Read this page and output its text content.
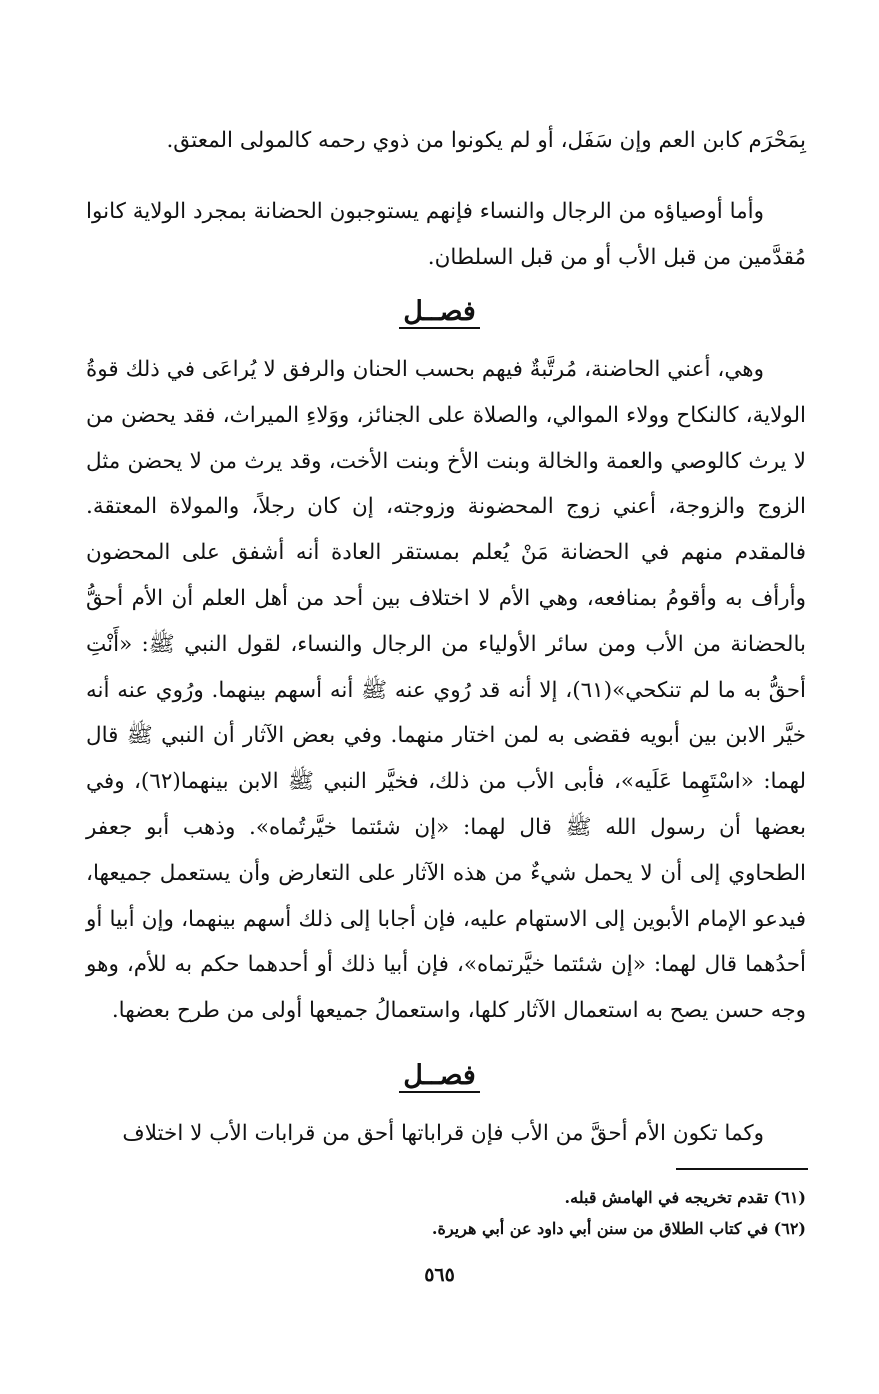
بِمَحْرَم كابن العم وإن سَفَل، أو لم يكونوا من ذوي رحمه كالمولى المعتق.

وأما أوصياؤه من الرجال والنساء فإنهم يستوجبون الحضانة بمجرد الولاية كانوا مُقدَّمين من قبل الأب أو من قبل السلطان.

فصــل

وهي، أعني الحاضنة، مُرتَّبةٌ فيهم بحسب الحنان والرفق لا يُراعَى في ذلك قوةُ الولاية، كالنكاح وولاء الموالي، والصلاة على الجنائز، ووَلاءِ الميراث، فقد يحضن من لا يرث كالوصي والعمة والخالة وبنت الأخ وبنت الأخت، وقد يرث من لا يحضن مثل الزوج والزوجة، أعني زوج المحضونة وزوجته، إن كان رجلاً، والمولاة المعتقة. فالمقدم منهم في الحضانة مَنْ يُعلم بمستقر العادة أنه أشفق على المحضون وأرأف به وأقومُ بمنافعه، وهي الأم لا اختلاف بين أحد من أهل العلم أن الأم أحقُّ بالحضانة من الأب ومن سائر الأولياء من الرجال والنساء، لقول النبي ﷺ: «أَنْتِ أحقُّ به ما لم تنكحي»(٦١)، إلا أنه قد رُوي عنه ﷺ أنه أسهم بينهما. ورُوي عنه أنه خيَّر الابن بين أبويه فقضى به لمن اختار منهما. وفي بعض الآثار أن النبي ﷺ قال لهما: «اسْتَهِما عَلَيه»، فأبى الأب من ذلك، فخيَّر النبي ﷺ الابن بينهما(٦٢)، وفي بعضها أن رسول الله ﷺ قال لهما: «إن شئتما خيَّرتُماه». وذهب أبو جعفر الطحاوي إلى أن لا يحمل شيءٌ من هذه الآثار على التعارض وأن يستعمل جميعها، فيدعو الإمام الأبوين إلى الاستهام عليه، فإن أجابا إلى ذلك أسهم بينهما، وإن أبيا أو أحدُهما قال لهما: «إن شئتما خيَّرتماه»، فإن أبيا ذلك أو أحدهما حكم به للأم، وهو وجه حسن يصح به استعمال الآثار كلها، واستعمالُ جميعها أولى من طرح بعضها.

فصــل

وكما تكون الأم أحقَّ من الأب فإن قراباتها أحق من قرابات الأب لا اختلاف

(٦١) تقدم تخريجه في الهامش قبله.
(٦٢) في كتاب الطلاق من سنن أبي داود عن أبي هريرة.
٥٦٥
